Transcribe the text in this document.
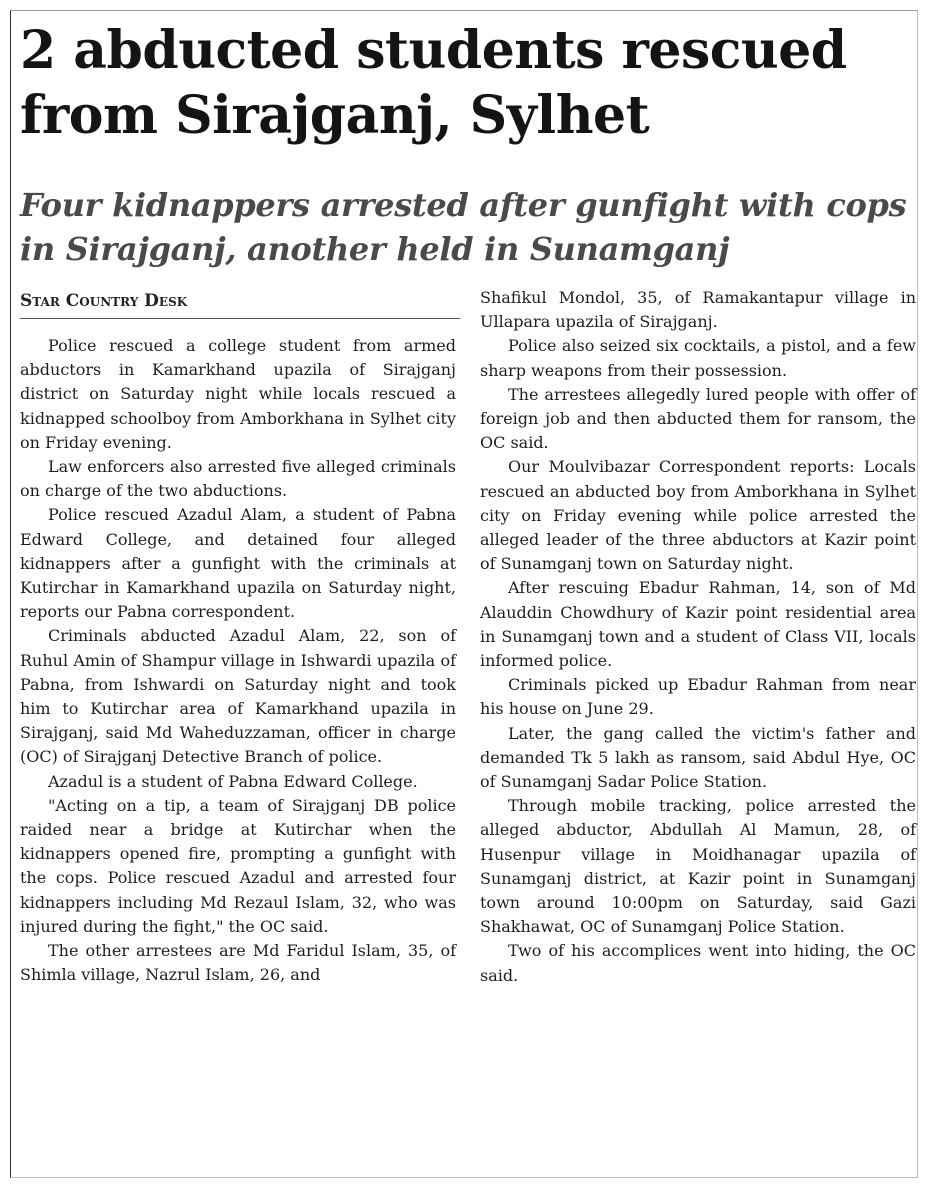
2 abducted students rescued from Sirajganj, Sylhet
Four kidnappers arrested after gunfight with cops in Sirajganj, another held in Sunamganj
Star Country Desk

Police rescued a college student from armed abductors in Kamarkhand upazila of Sirajganj district on Saturday night while locals rescued a kidnapped schoolboy from Amborkhana in Sylhet city on Friday evening.

Law enforcers also arrested five alleged criminals on charge of the two abductions.

Police rescued Azadul Alam, a student of Pabna Edward College, and detained four alleged kidnappers after a gunfight with the criminals at Kutirchar in Kamarkhand upazila on Saturday night, reports our Pabna correspondent.

Criminals abducted Azadul Alam, 22, son of Ruhul Amin of Shampur village in Ishwardi upazila of Pabna, from Ishwardi on Saturday night and took him to Kutirchar area of Kamarkhand upazila in Sirajganj, said Md Waheduzzaman, officer in charge (OC) of Sirajganj Detective Branch of police.

Azadul is a student of Pabna Edward College.

"Acting on a tip, a team of Sirajganj DB police raided near a bridge at Kutirchar when the kidnappers opened fire, prompting a gunfight with the cops. Police rescued Azadul and arrested four kidnappers including Md Rezaul Islam, 32, who was injured during the fight," the OC said.

The other arrestees are Md Faridul Islam, 35, of Shimla village, Nazrul Islam, 26, and

Shafikul Mondol, 35, of Ramakantapur village in Ullapara upazila of Sirajganj.

Police also seized six cocktails, a pistol, and a few sharp weapons from their possession.

The arrestees allegedly lured people with offer of foreign job and then abducted them for ransom, the OC said.

Our Moulvibazar Correspondent reports: Locals rescued an abducted boy from Amborkhana in Sylhet city on Friday evening while police arrested the alleged leader of the three abductors at Kazir point of Sunamganj town on Saturday night.

After rescuing Ebadur Rahman, 14, son of Md Alauddin Chowdhury of Kazir point residential area in Sunamganj town and a student of Class VII, locals informed police.

Criminals picked up Ebadur Rahman from near his house on June 29.

Later, the gang called the victim's father and demanded Tk 5 lakh as ransom, said Abdul Hye, OC of Sunamganj Sadar Police Station.

Through mobile tracking, police arrested the alleged abductor, Abdullah Al Mamun, 28, of Husenpur village in Moidhanagar upazila of Sunamganj district, at Kazir point in Sunamganj town around 10:00pm on Saturday, said Gazi Shakhawat, OC of Sunamganj Police Station.

Two of his accomplices went into hiding, the OC said.
